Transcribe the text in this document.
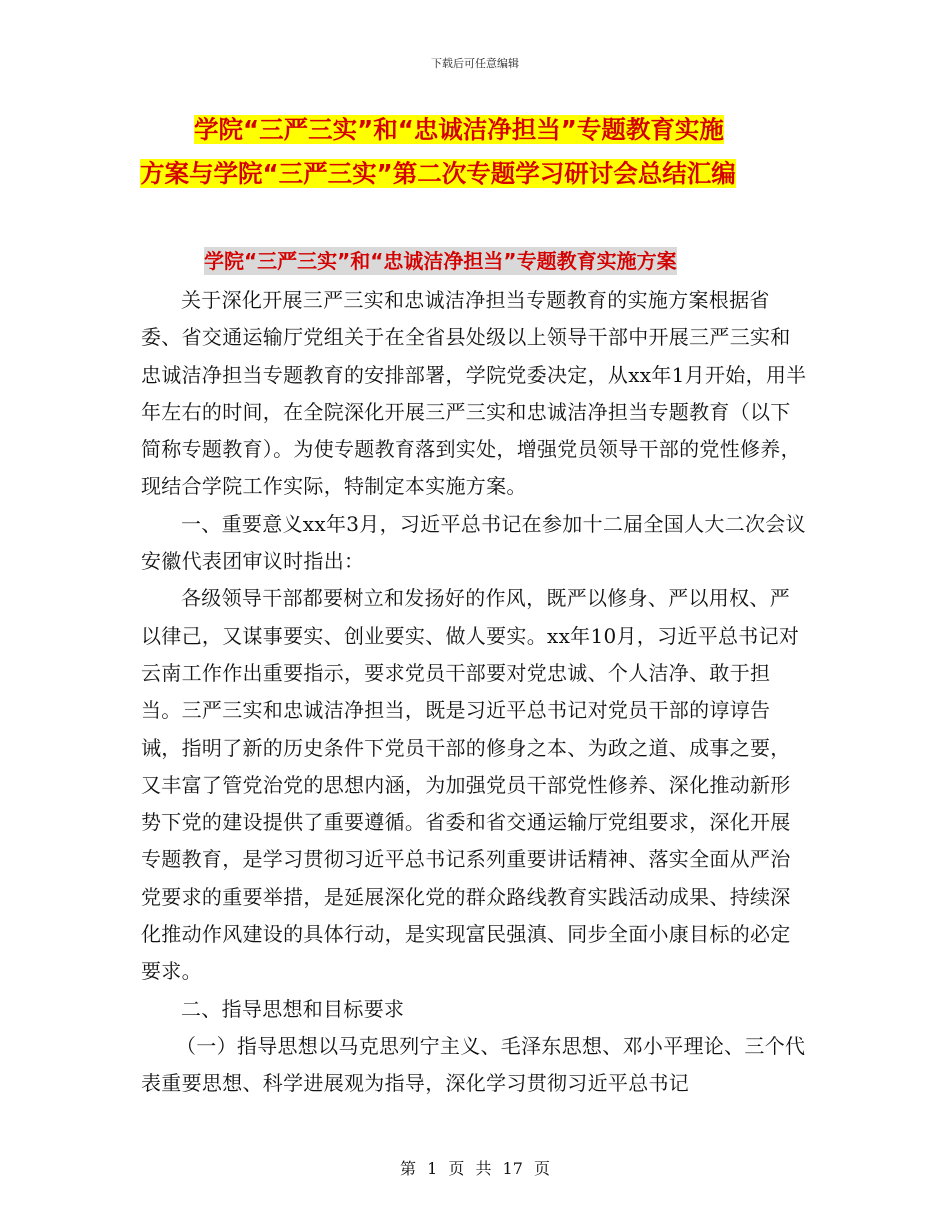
下载后可任意编辑
学院“三严三实”和“忠诚洁净担当”专题教育实施
方案与学院“三严三实”第二次专题学习研讨会总结汇编
学院“三严三实”和“忠诚洁净担当”专题教育实施方案

关于深化开展三严三实和忠诚洁净担当专题教育的实施方案根据省委、省交通运输厅党组关于在全省县处级以上领导干部中开展三严三实和忠诚洁净担当专题教育的安排部署，学院党委决定，从xx年1月开始，用半年左右的时间，在全院深化开展三严三实和忠诚洁净担当专题教育（以下简称专题教育）。为使专题教育落到实处，增强党员领导干部的党性修养，现结合学院工作实际，特制定本实施方案。

一、重要意义xx年3月，习近平总书记在参加十二届全国人大二次会议安徽代表团审议时指出：

各级领导干部都要树立和发扬好的作风，既严以修身、严以用权、严以律己，又谋事要实、创业要实、做人要实。xx年10月，习近平总书记对云南工作作出重要指示，要求党员干部要对党忠诚、个人洁净、敢于担当。三严三实和忠诚洁净担当，既是习近平总书记对党员干部的谆谆告诫，指明了新的历史条件下党员干部的修身之本、为政之道、成事之要，又丰富了管党治党的思想内涵，为加强党员干部党性修养、深化推动新形势下党的建设提供了重要遵循。省委和省交通运输厅党组要求，深化开展专题教育，是学习贯彻习近平总书记系列重要讲话精神、落实全面从严治党要求的重要举措，是延展深化党的群众路线教育实践活动成果、持续深化推动作风建设的具体行动，是实现富民强滇、同步全面小康目标的必定要求。

二、指导思想和目标要求

（一）指导思想以马克思列宁主义、毛泽东思想、邓小平理论、三个代表重要思想、科学进展观为指导，深化学习贯彻习近平总书记

第 1 页 共 17 页
